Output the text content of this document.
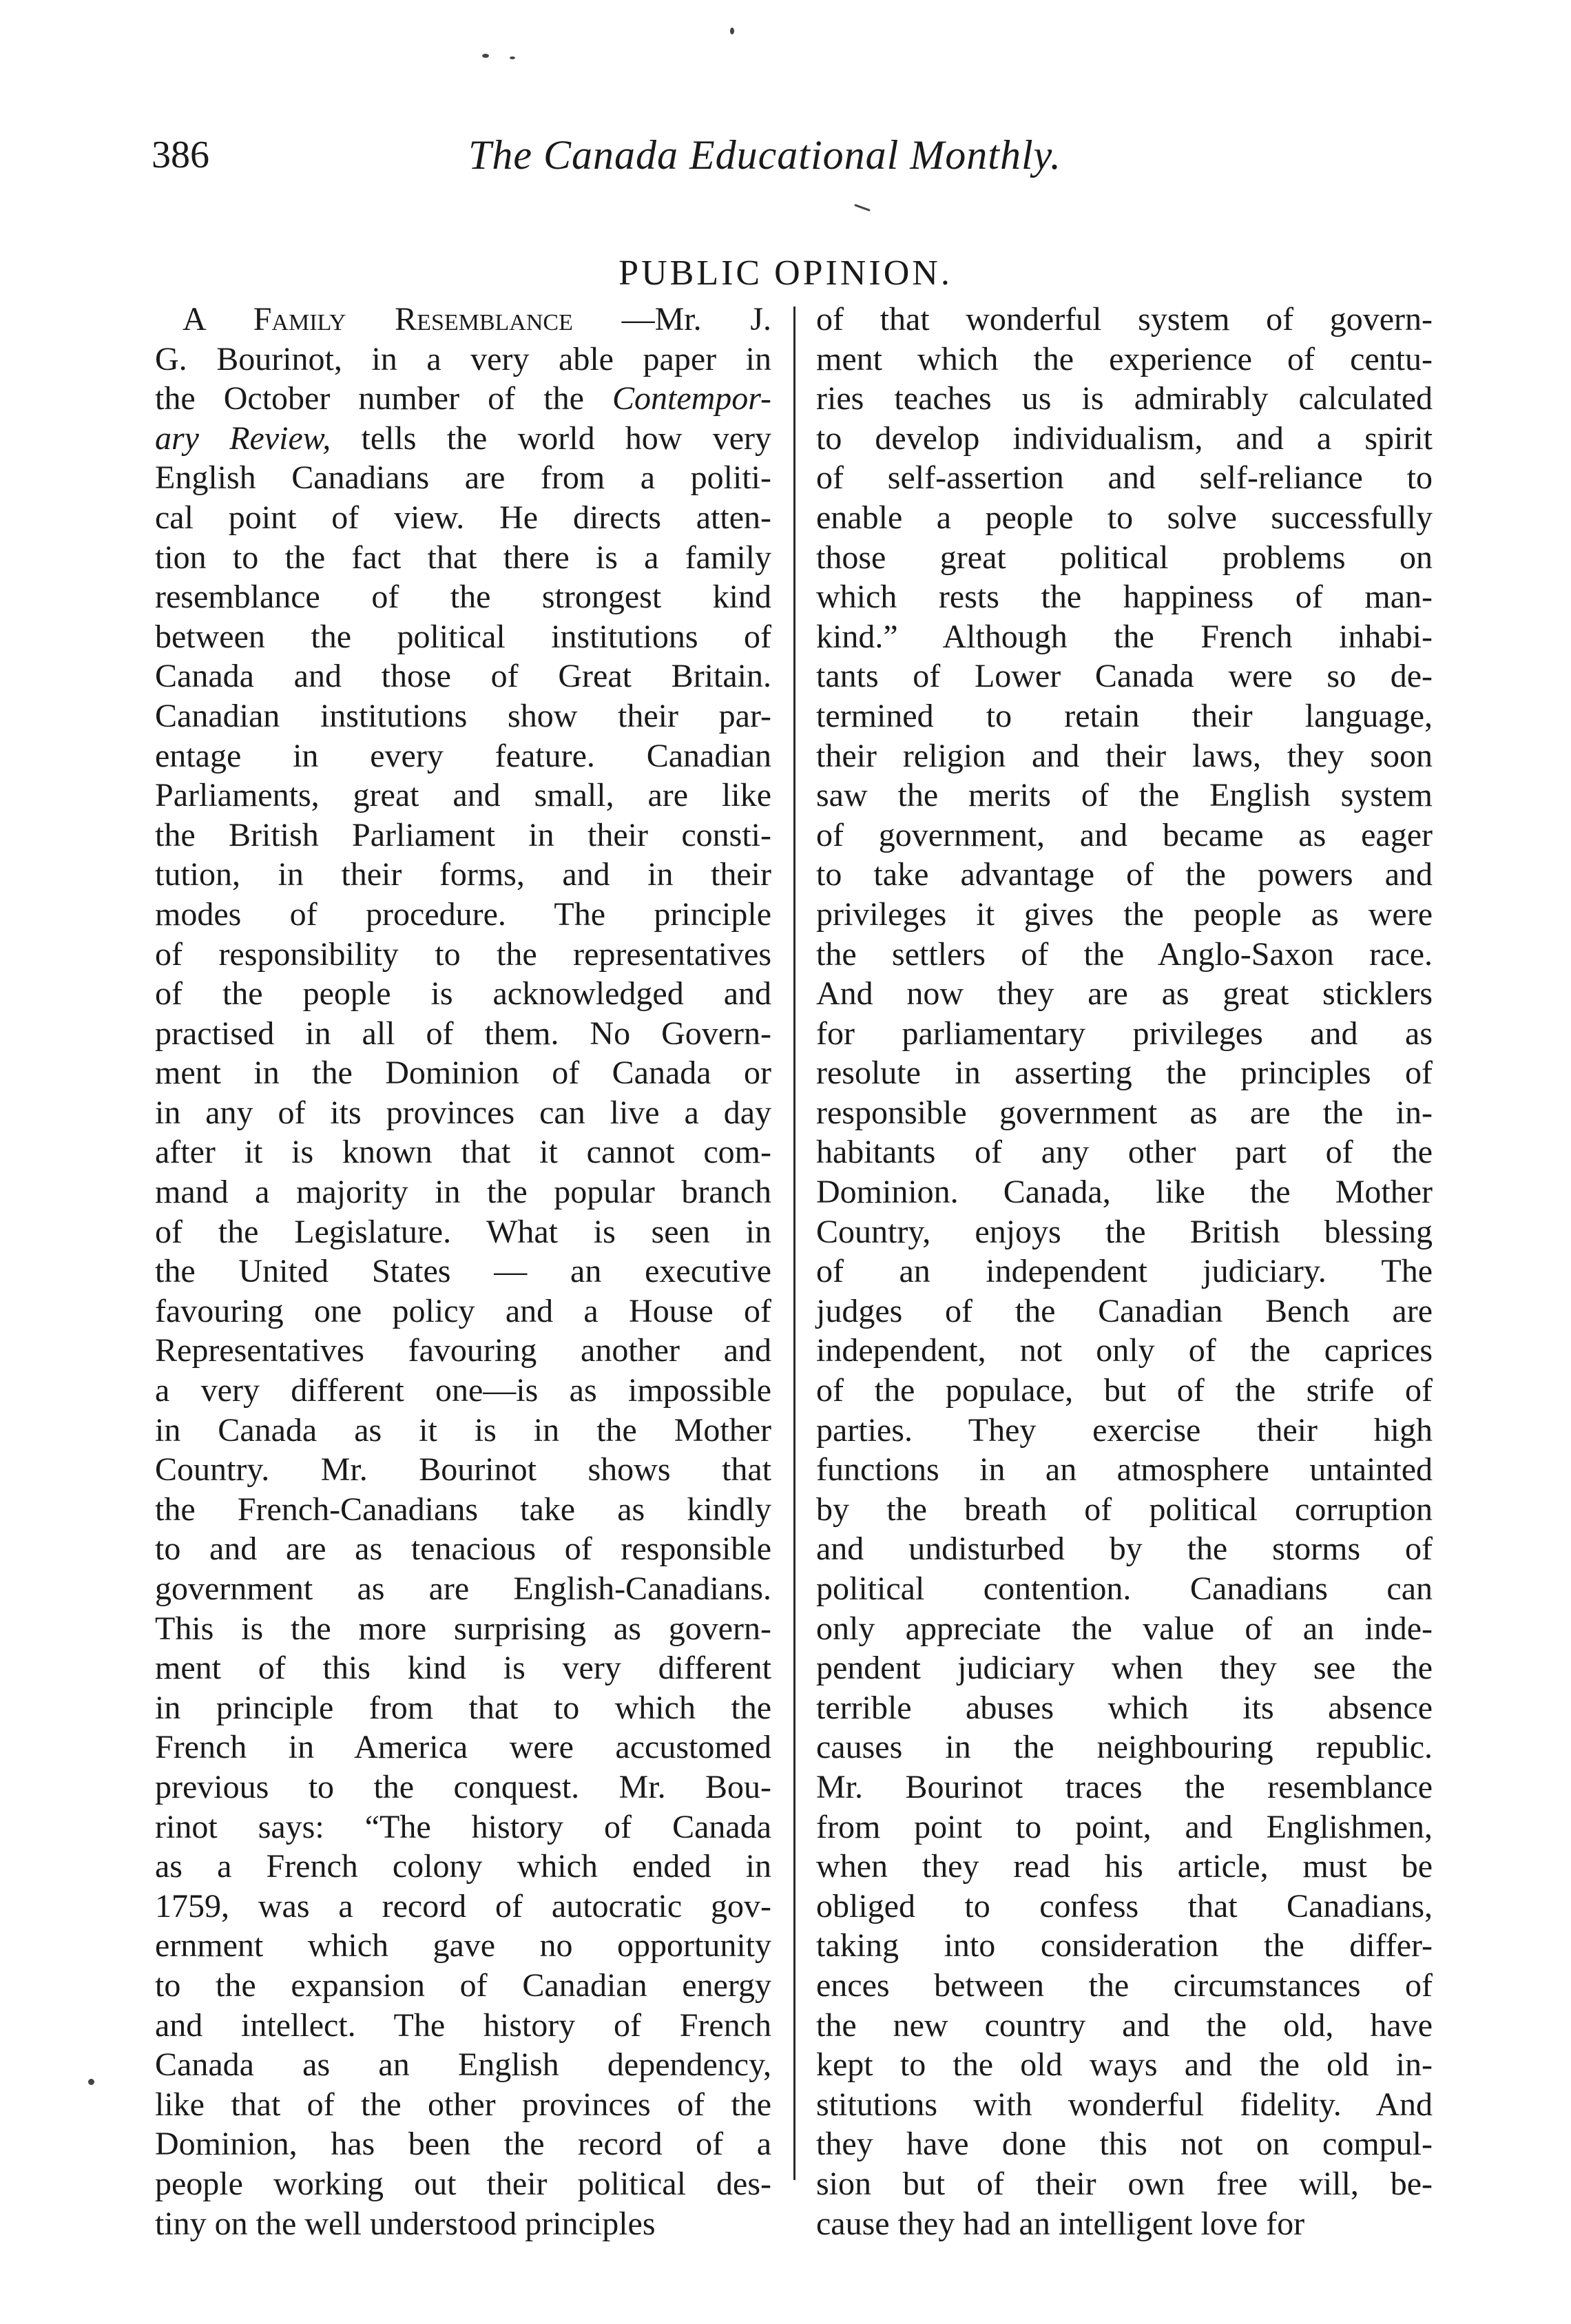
386	The Canada Educational Monthly.
PUBLIC OPINION.
A Family Resemblance —Mr. J.
G. Bourinot, in a very able paper in
the October number of the Contempor-
ary Review, tells the world how very
English Canadians are from a politi-
cal point of view. He directs atten-
tion to the fact that there is a family
resemblance of the strongest kind
between the political institutions of
Canada and those of Great Britain.
Canadian institutions show their par-
entage in every feature. Canadian
Parliaments, great and small, are like
the British Parliament in their consti-
tution, in their forms, and in their
modes of procedure. The principle
of responsibility to the representatives
of the people is acknowledged and
practised in all of them. No Govern-
ment in the Dominion of Canada or
in any of its provinces can live a day
after it is known that it cannot com-
mand a majority in the popular branch
of the Legislature. What is seen in
the United States — an executive
favouring one policy and a House of
Representatives favouring another and
a very different one—is as impossible
in Canada as it is in the Mother
Country. Mr. Bourinot shows that
the French-Canadians take as kindly
to and are as tenacious of responsible
government as are English-Canadians.
This is the more surprising as govern-
ment of this kind is very different
in principle from that to which the
French in America were accustomed
previous to the conquest. Mr. Bou-
rinot says: “The history of Canada
as a French colony which ended in
1759, was a record of autocratic gov-
ernment which gave no opportunity
to the expansion of Canadian energy
and intellect. The history of French
Canada as an English dependency,
like that of the other provinces of the
Dominion, has been the record of a
people working out their political des-
tiny on the well understood principles
of that wonderful system of govern-
ment which the experience of centu-
ries teaches us is admirably calculated
to develop individualism, and a spirit
of self-assertion and self-reliance to
enable a people to solve successfully
those great political problems on
which rests the happiness of man-
kind.” Although the French inhabi-
tants of Lower Canada were so de-
termined to retain their language,
their religion and their laws, they soon
saw the merits of the English system
of government, and became as eager
to take advantage of the powers and
privileges it gives the people as were
the settlers of the Anglo-Saxon race.
And now they are as great sticklers
for parliamentary privileges and as
resolute in asserting the principles of
responsible government as are the in-
habitants of any other part of the
Dominion. Canada, like the Mother
Country, enjoys the British blessing
of an independent judiciary. The
judges of the Canadian Bench are
independent, not only of the caprices
of the populace, but of the strife of
parties. They exercise their high
functions in an atmosphere untainted
by the breath of political corruption
and undisturbed by the storms of
political contention. Canadians can
only appreciate the value of an inde-
pendent judiciary when they see the
terrible abuses which its absence
causes in the neighbouring republic.
Mr. Bourinot traces the resemblance
from point to point, and Englishmen,
when they read his article, must be
obliged to confess that Canadians,
taking into consideration the differ-
ences between the circumstances of
the new country and the old, have
kept to the old ways and the old in-
stitutions with wonderful fidelity. And
they have done this not on compul-
sion but of their own free will, be-
cause they had an intelligent love for
